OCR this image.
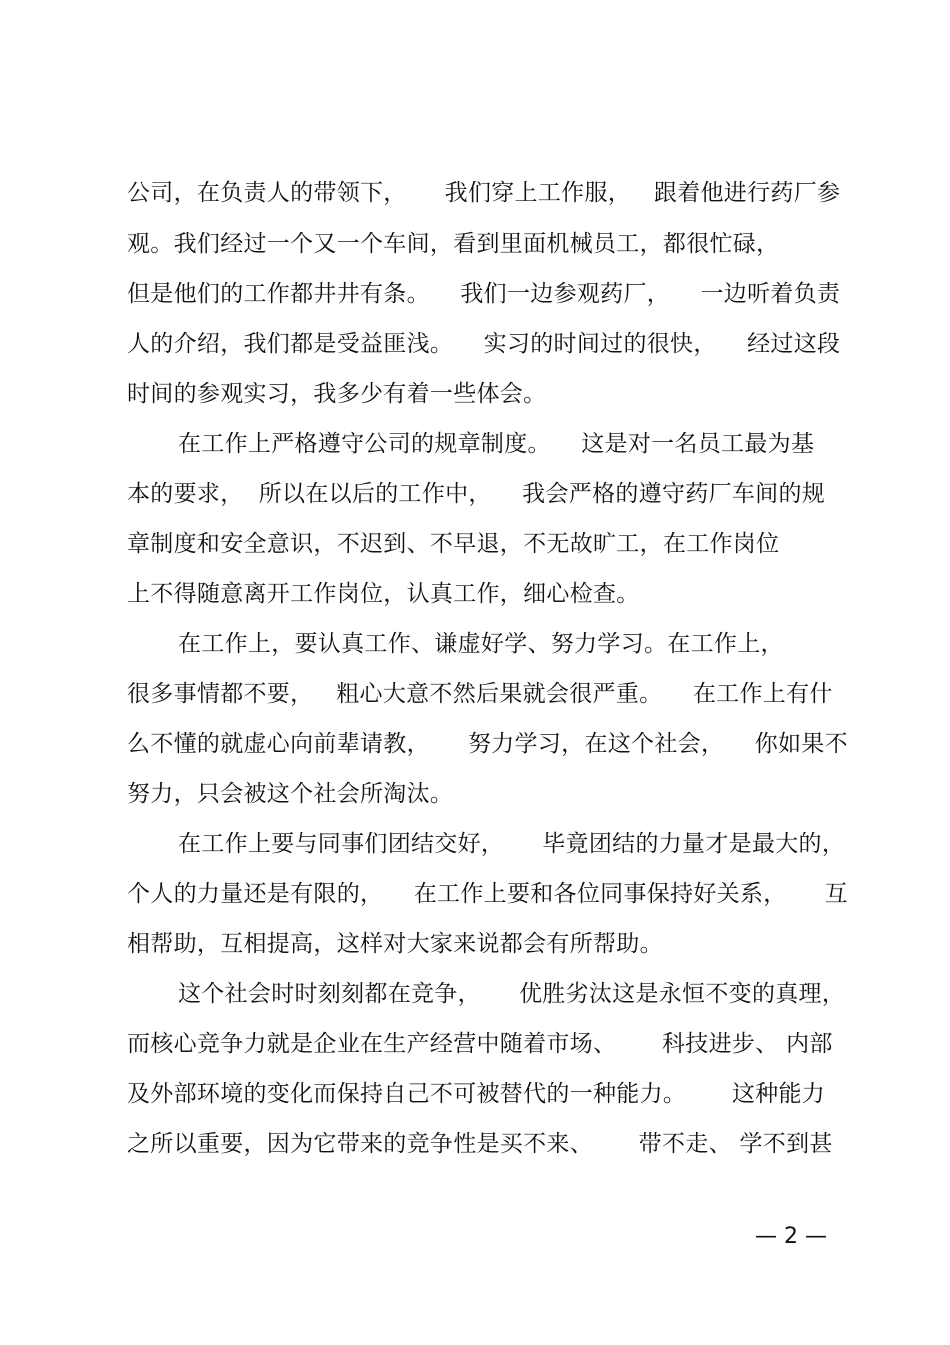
公司，在负责人的带领下，     我们穿上工作服，   跟着他进行药厂参
观。我们经过一个又一个车间，看到里面机械员工，都很忙碌，
但是他们的工作都井井有条。    我们一边参观药厂，    一边听着负责
人的介绍，我们都是受益匪浅。    实习的时间过的很快，    经过这段
时间的参观实习，我多少有着一些体会。
在工作上严格遵守公司的规章制度。    这是对一名员工最为基
本的要求，  所以在以后的工作中，    我会严格的遵守药厂车间的规
章制度和安全意识，不迟到、不早退，不无故旷工，在工作岗位
上不得随意离开工作岗位，认真工作，细心检查。
在工作上，要认真工作、谦虚好学、努力学习。在工作上，
很多事情都不要，   粗心大意不然后果就会很严重。    在工作上有什
么不懂的就虚心向前辈请教，     努力学习，在这个社会，    你如果不
努力，只会被这个社会所淘汰。
在工作上要与同事们团结交好，     毕竟团结的力量才是最大的，
个人的力量还是有限的，    在工作上要和各位同事保持好关系，     互
相帮助，互相提高，这样对大家来说都会有所帮助。
这个社会时时刻刻都在竞争，     优胜劣汰这是永恒不变的真理，
而核心竞争力就是企业在生产经营中随着市场、      科技进步、 内部
及外部环境的变化而保持自己不可被替代的一种能力。      这种能力
之所以重要，因为它带来的竞争性是买不来、      带不走、 学不到甚
— 2 —
